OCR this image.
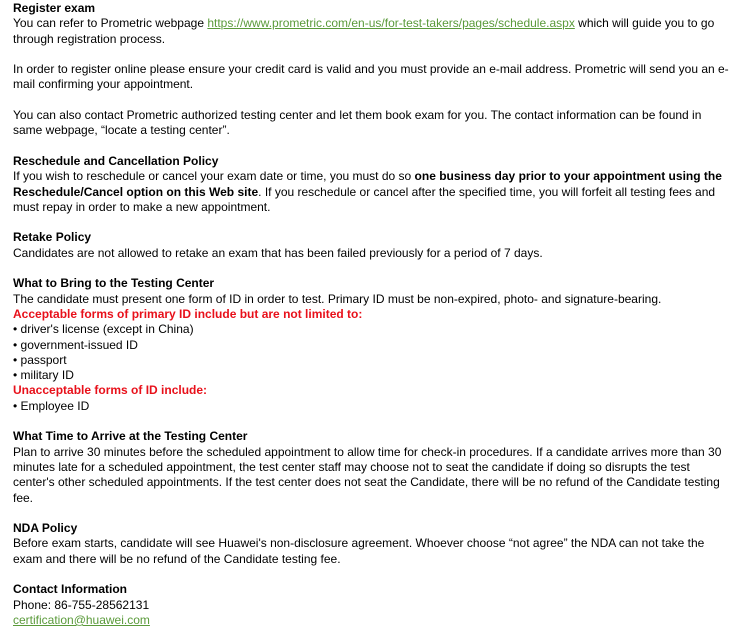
Register exam
You can refer to Prometric webpage https://www.prometric.com/en-us/for-test-takers/pages/schedule.aspx which will guide you to go through registration process.
In order to register online please ensure your credit card is valid and you must provide an e-mail address. Prometric will send you an e-mail confirming your appointment.
You can also contact Prometric authorized testing center and let them book exam for you. The contact information can be found in same webpage, “locate a testing center”.
Reschedule and Cancellation Policy
If you wish to reschedule or cancel your exam date or time, you must do so one business day prior to your appointment using the Reschedule/Cancel option on this Web site. If you reschedule or cancel after the specified time, you will forfeit all testing fees and must repay in order to make a new appointment.
Retake Policy
Candidates are not allowed to retake an exam that has been failed previously for a period of 7 days.
What to Bring to the Testing Center
The candidate must present one form of ID in order to test. Primary ID must be non-expired, photo- and signature-bearing.
Acceptable forms of primary ID include but are not limited to:
• driver's license (except in China)
• government-issued ID
• passport
• military ID
Unacceptable forms of ID include:
• Employee ID
What Time to Arrive at the Testing Center
Plan to arrive 30 minutes before the scheduled appointment to allow time for check-in procedures. If a candidate arrives more than 30 minutes late for a scheduled appointment, the test center staff may choose not to seat the candidate if doing so disrupts the test center's other scheduled appointments. If the test center does not seat the Candidate, there will be no refund of the Candidate testing fee.
NDA Policy
Before exam starts, candidate will see Huawei's non-disclosure agreement. Whoever choose “not agree” the NDA can not take the exam and there will be no refund of the Candidate testing fee.
Contact Information
Phone: 86-755-28562131
certification@huawei.com
